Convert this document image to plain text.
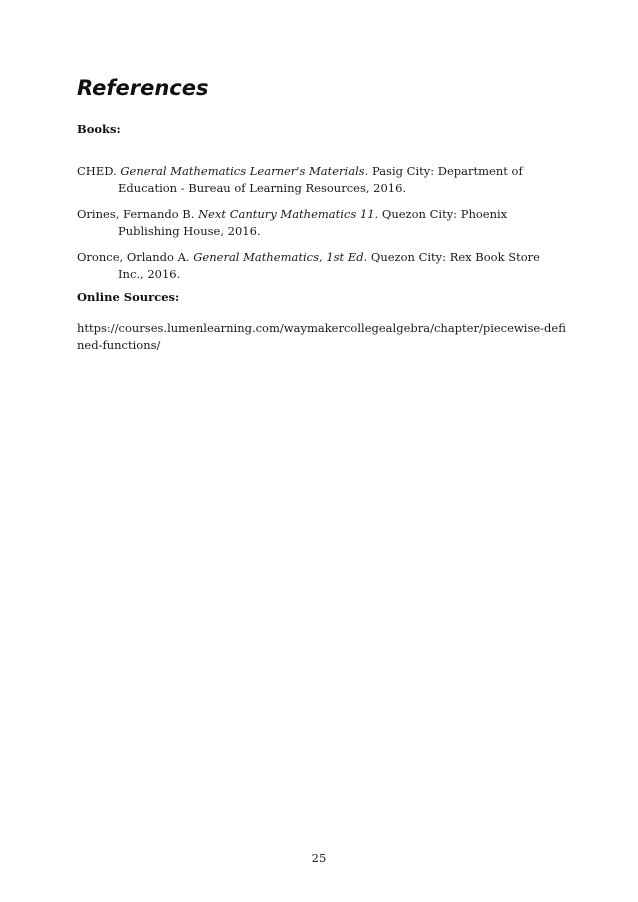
References
Books:
CHED. General Mathematics Learner's Materials. Pasig City: Department of Education - Bureau of Learning Resources, 2016.
Orines, Fernando B. Next Cantury Mathematics 11. Quezon City: Phoenix Publishing House, 2016.
Oronce, Orlando A. General Mathematics, 1st Ed. Quezon City: Rex Book Store Inc., 2016.
Online Sources:

https://courses.lumenlearning.com/waymakercollegealgebra/chapter/piecewise-defined-functions/

25
